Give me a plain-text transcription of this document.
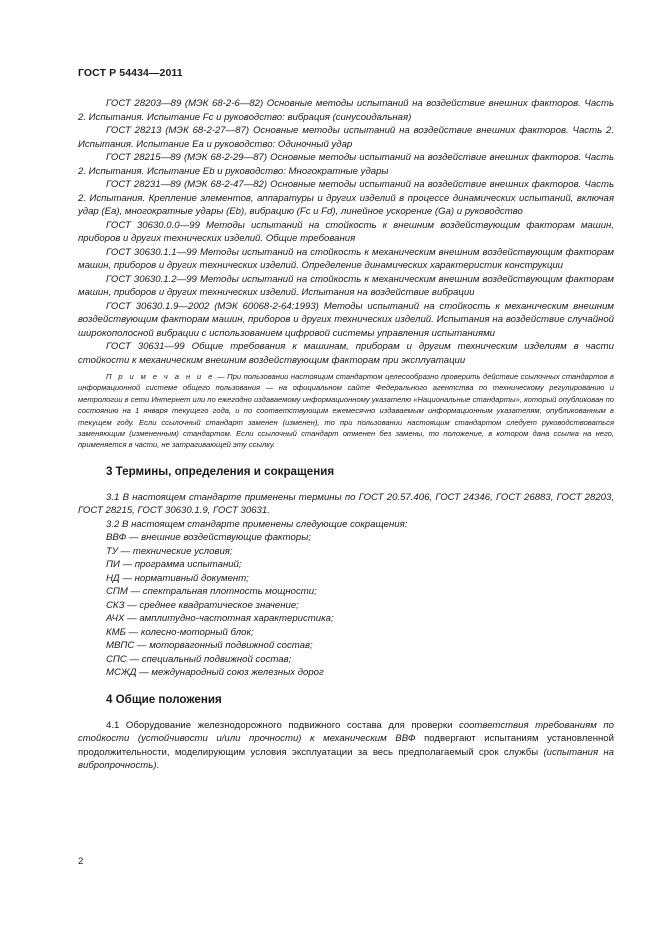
ГОСТ Р 54434—2011

ГОСТ 28203—89 (МЭК 68-2-6—82) Основные методы испытаний на воздействие внешних факторов. Часть 2. Испытания. Испытание Fc и руководство: вибрация (синусоидальная)

ГОСТ 28213 (МЭК 68-2-27—87) Основные методы испытаний на воздействие внешних факторов. Часть 2. Испытания. Испытание Ea и руководство: Одиночный удар

ГОСТ 28215—89 (МЭК 68-2-29—87) Основные методы испытаний на воздействие внешних факторов. Часть 2. Испытания. Испытание Eb и руководство: Многократные удары

ГОСТ 28231—89 (МЭК 68-2-47—82) Основные методы испытаний на воздействие внешних факторов. Часть 2. Испытания. Крепление элементов, аппаратуры и других изделий в процессе динамических испытаний, включая удар (Ea), многократные удары (Eb), вибрацию (Fc и Fd), линейное ускорение (Ga) и руководство

ГОСТ 30630.0.0—99 Методы испытаний на стойкость к внешним воздействующим факторам машин, приборов и других технических изделий. Общие требования

ГОСТ 30630.1.1—99 Методы испытаний на стойкость к механическим внешним воздействующим факторам машин, приборов и других технических изделий. Определение динамических характеристик конструкции

ГОСТ 30630.1.2—99 Методы испытаний на стойкость к механическим внешним воздействующим факторам машин, приборов и других технических изделий. Испытания на воздействие вибрации

ГОСТ 30630.1.9—2002 (МЭК 60068-2-64:1993) Методы испытаний на стойкость к механическим внешним воздействующим факторам машин, приборов и других технических изделий. Испытания на воздействие случайной широкополосной вибрации с использованием цифровой системы управления испытаниями

ГОСТ 30631—99 Общие требования к машинам, приборам и другим техническим изделиям в части стойкости к механическим внешним воздействующим факторам при эксплуатации

П р и м е ч а н и е — При пользовании настоящим стандартом целесообразно проверить действие ссылочных стандартов в информационной системе общего пользования — на официальном сайте Федерального агентства по техническому регулированию и метрологии в сети Интернет или по ежегодно издаваемому информационному указателю «Национальные стандарты», который опубликован по состоянию на 1 января текущего года, и по соответствующим ежемесячно издаваемым информационным указателям, опубликованным в текущем году. Если ссылочный стандарт заменен (изменен), то при пользовании настоящим стандартом следует руководствоваться заменяющим (измененным) стандартом. Если ссылочный стандарт отменен без замены, то положение, в котором дана ссылка на него, применяется в части, не затрагивающей эту ссылку.

3 Термины, определения и сокращения

3.1 В настоящем стандарте применены термины по ГОСТ 20.57.406, ГОСТ 24346, ГОСТ 26883, ГОСТ 28203, ГОСТ 28215, ГОСТ 30630.1.9, ГОСТ 30631.

3.2 В настоящем стандарте применены следующие сокращения:

ВВФ — внешние воздействующие факторы;

ТУ — технические условия;

ПИ — программа испытаний;

НД — нормативный документ;

СПМ — спектральная плотность мощности;

СКЗ — среднее квадратическое значение;

АЧХ — амплитудно-частотная характеристика;

КМБ — колесно-моторный блок;

МВПС — моторвагонный подвижной состав;

СПС — специальный подвижной состав;

МСЖД — международный союз железных дорог

4 Общие положения

4.1 Оборудование железнодорожного подвижного состава для проверки соответствия требованиям по стойкости (устойчивости и/или прочности) к механическим ВВФ подвергают испытаниям установленной продолжительности, моделирующим условия эксплуатации за весь предполагаемый срок службы (испытания на вибропрочность).

2
